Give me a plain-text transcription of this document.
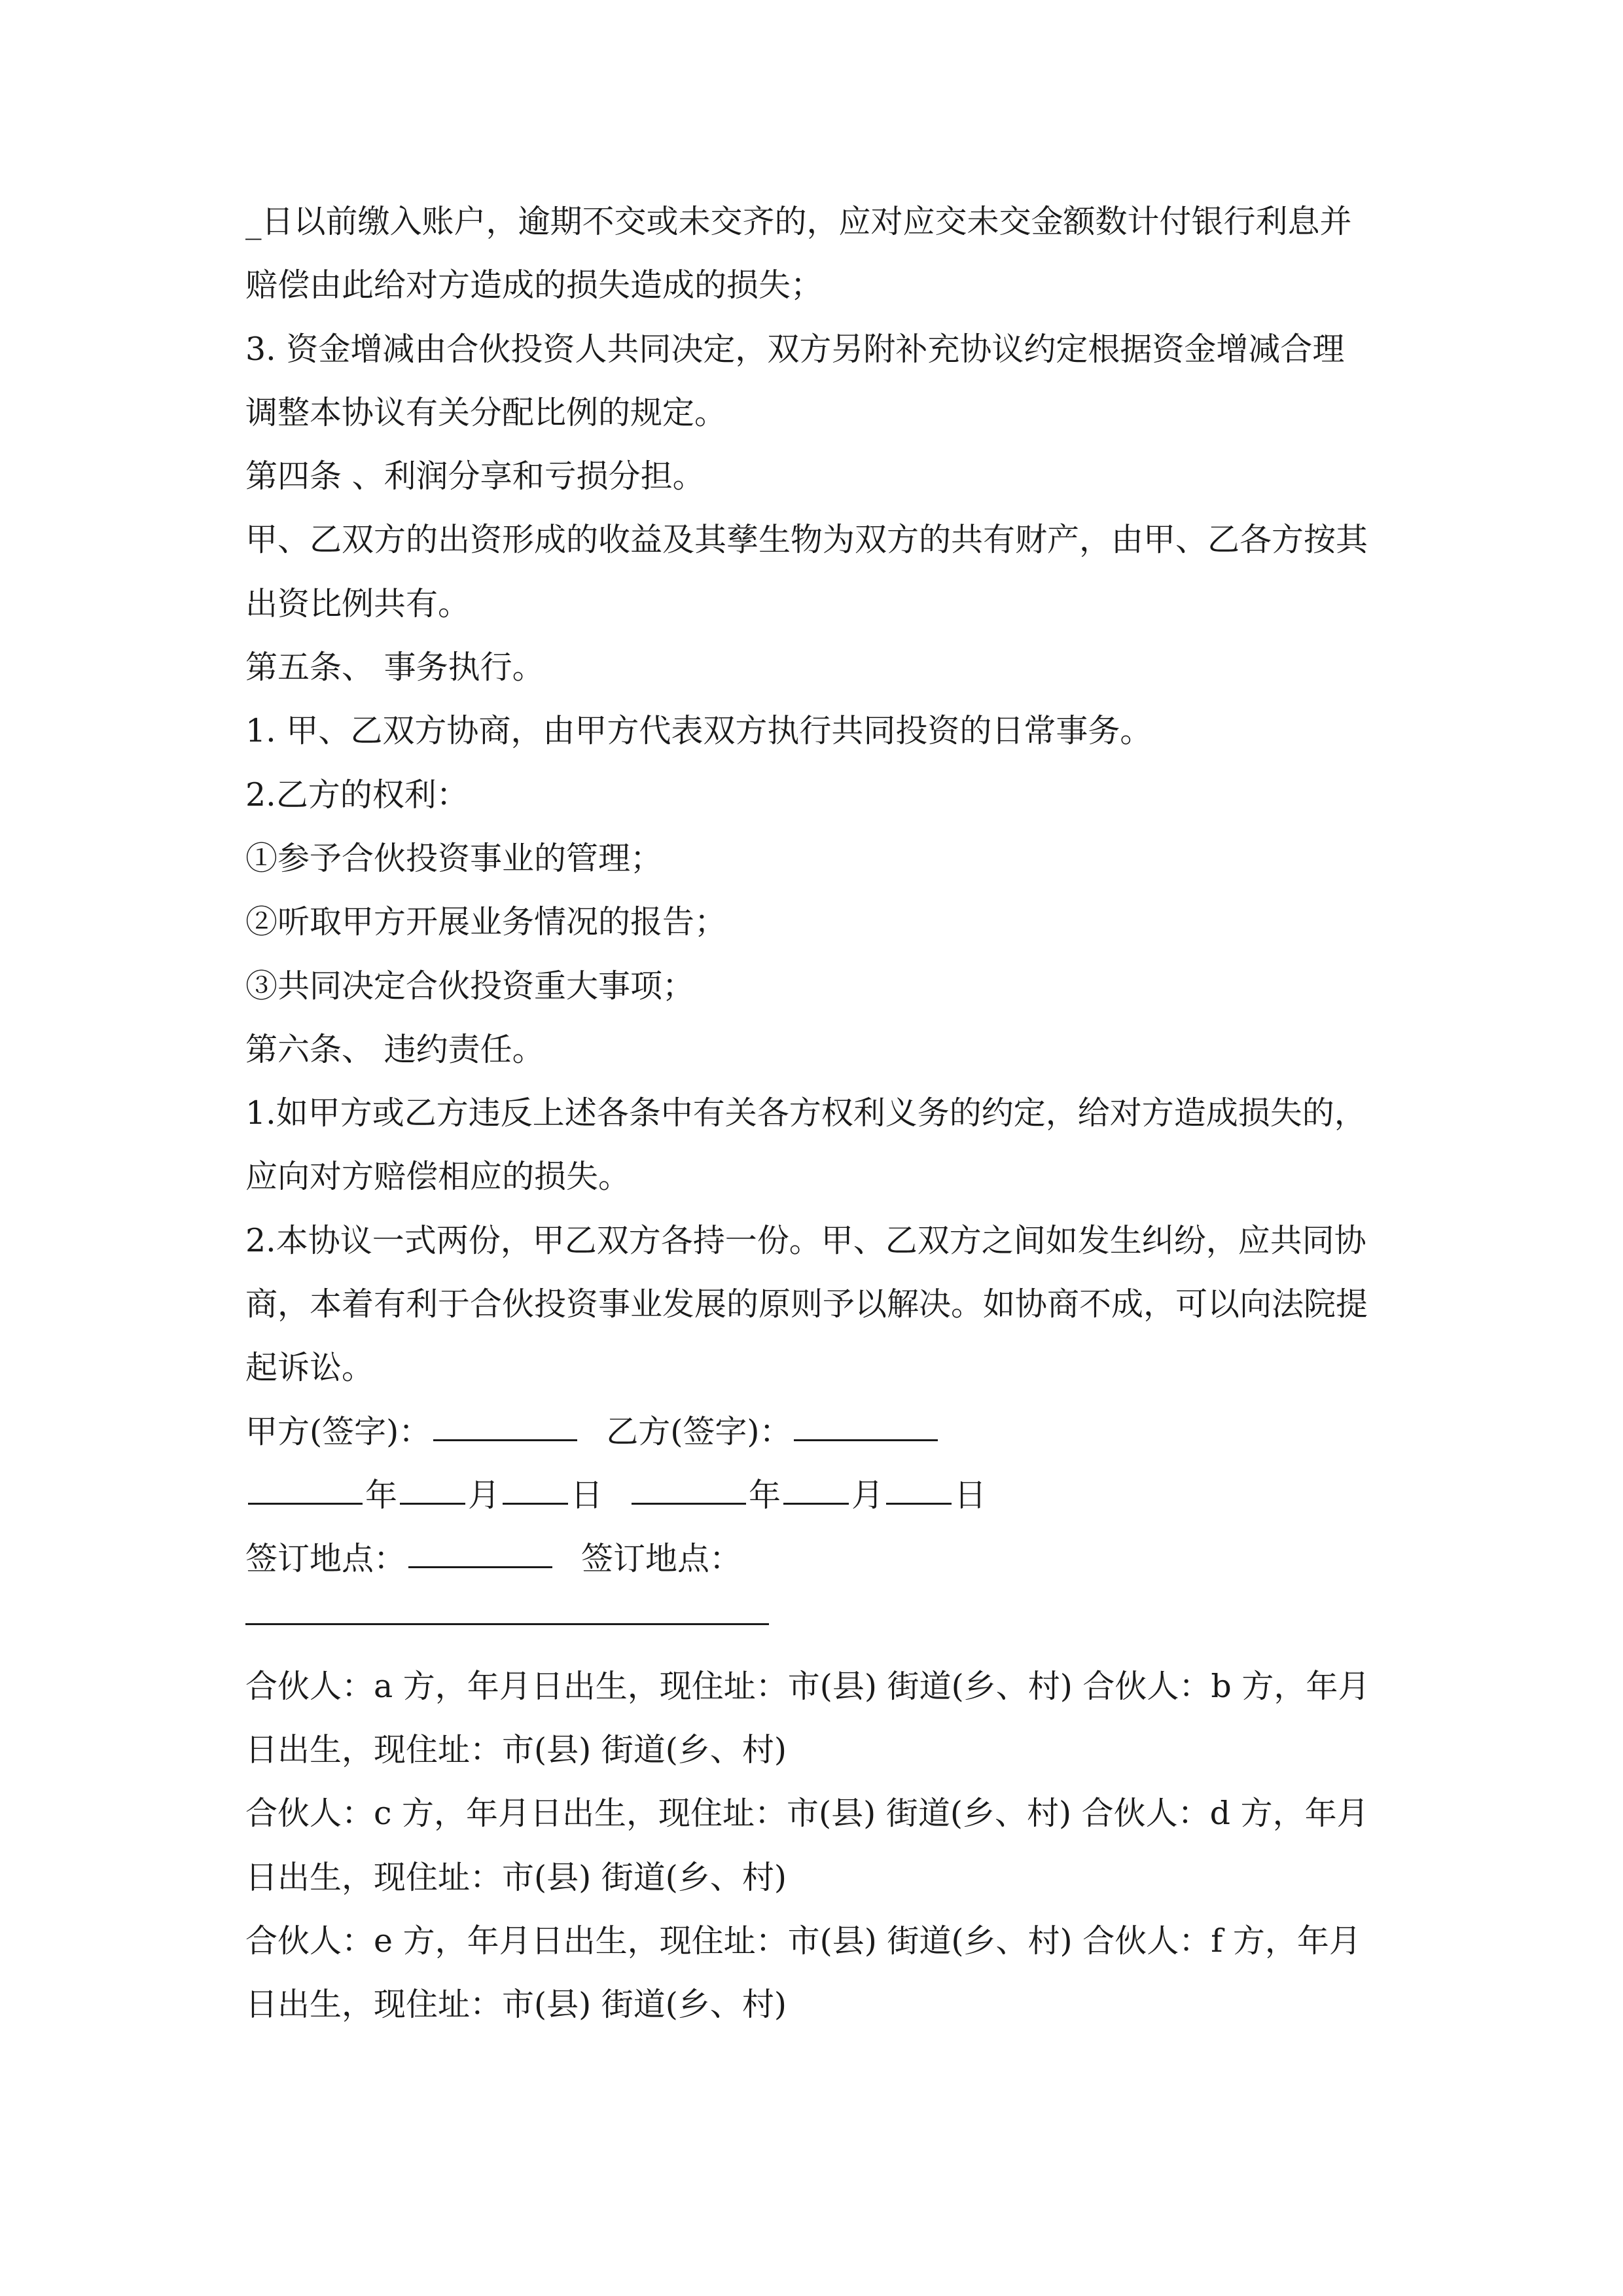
_日以前缴入账户，逾期不交或未交齐的，应对应交未交金额数计付银行利息并
赔偿由此给对方造成的损失造成的损失；
3. 资金增减由合伙投资人共同决定，双方另附补充协议约定根据资金增减合理
调整本协议有关分配比例的规定。
第四条 、利润分享和亏损分担。
甲、乙双方的出资形成的收益及其孳生物为双方的共有财产，由甲、乙各方按其
出资比例共有。
第五条、 事务执行。
1. 甲、乙双方协商，由甲方代表双方执行共同投资的日常事务。
2.乙方的权利：
①参予合伙投资事业的管理；
②听取甲方开展业务情况的报告；
③共同决定合伙投资重大事项；
第六条、 违约责任。
1.如甲方或乙方违反上述各条中有关各方权利义务的约定，给对方造成损失的，
应向对方赔偿相应的损失。
2.本协议一式两份，甲乙双方各持一份。甲、乙双方之间如发生纠纷，应共同协
商，本着有利于合伙投资事业发展的原则予以解决。如协商不成，可以向法院提
起诉讼。
甲方(签字)：	乙方(签字)：
年 月 日	年 月 日
签订地点：	签订地点：
合伙人：a 方，年月日出生，现住址：市(县) 街道(乡、村) 合伙人：b 方，年月
日出生，现住址：市(县) 街道(乡、村)
合伙人：c 方，年月日出生，现住址：市(县) 街道(乡、村) 合伙人：d 方，年月
日出生，现住址：市(县) 街道(乡、村)
合伙人：e 方，年月日出生，现住址：市(县) 街道(乡、村) 合伙人：f 方，年月
日出生，现住址：市(县) 街道(乡、村)
